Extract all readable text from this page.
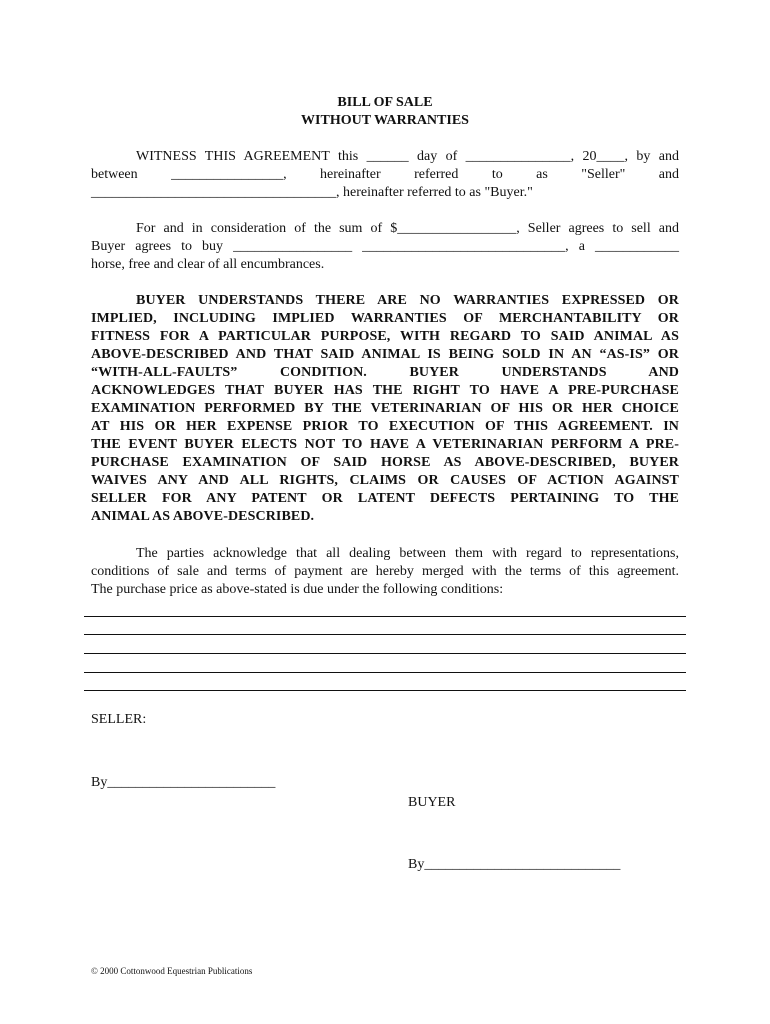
BILL OF SALE
WITHOUT WARRANTIES
WITNESS THIS AGREEMENT this ______ day of _______________, 20____, by and
between ________________, hereinafter referred to as "Seller" and
___________________________________, hereinafter referred to as "Buyer."
For and in consideration of the sum of $_________________, Seller agrees to sell and
Buyer agrees to buy _________________ _____________________________, a ____________
horse, free and clear of all encumbrances.
BUYER UNDERSTANDS THERE ARE NO WARRANTIES EXPRESSED OR
IMPLIED, INCLUDING IMPLIED WARRANTIES OF MERCHANTABILITY OR
FITNESS FOR A PARTICULAR PURPOSE, WITH REGARD TO SAID ANIMAL AS
ABOVE-DESCRIBED AND THAT SAID ANIMAL IS BEING SOLD IN AN “AS-IS” OR
“WITH-ALL-FAULTS” CONDITION. BUYER UNDERSTANDS AND
ACKNOWLEDGES THAT BUYER HAS THE RIGHT TO HAVE A PRE-PURCHASE
EXAMINATION PERFORMED BY THE VETERINARIAN OF HIS OR HER CHOICE
AT HIS OR HER EXPENSE PRIOR TO EXECUTION OF THIS AGREEMENT. IN
THE EVENT BUYER ELECTS NOT TO HAVE A VETERINARIAN PERFORM A PRE-
PURCHASE EXAMINATION OF SAID HORSE AS ABOVE-DESCRIBED, BUYER
WAIVES ANY AND ALL RIGHTS, CLAIMS OR CAUSES OF ACTION AGAINST
SELLER FOR ANY PATENT OR LATENT DEFECTS PERTAINING TO THE
ANIMAL AS ABOVE-DESCRIBED.
The parties acknowledge that all dealing between them with regard to representations,
conditions of sale and terms of payment are hereby merged with the terms of this agreement.
The purchase price as above-stated is due under the following conditions:
SELLER:
By________________________
BUYER
By____________________________
© 2000 Cottonwood Equestrian Publications
